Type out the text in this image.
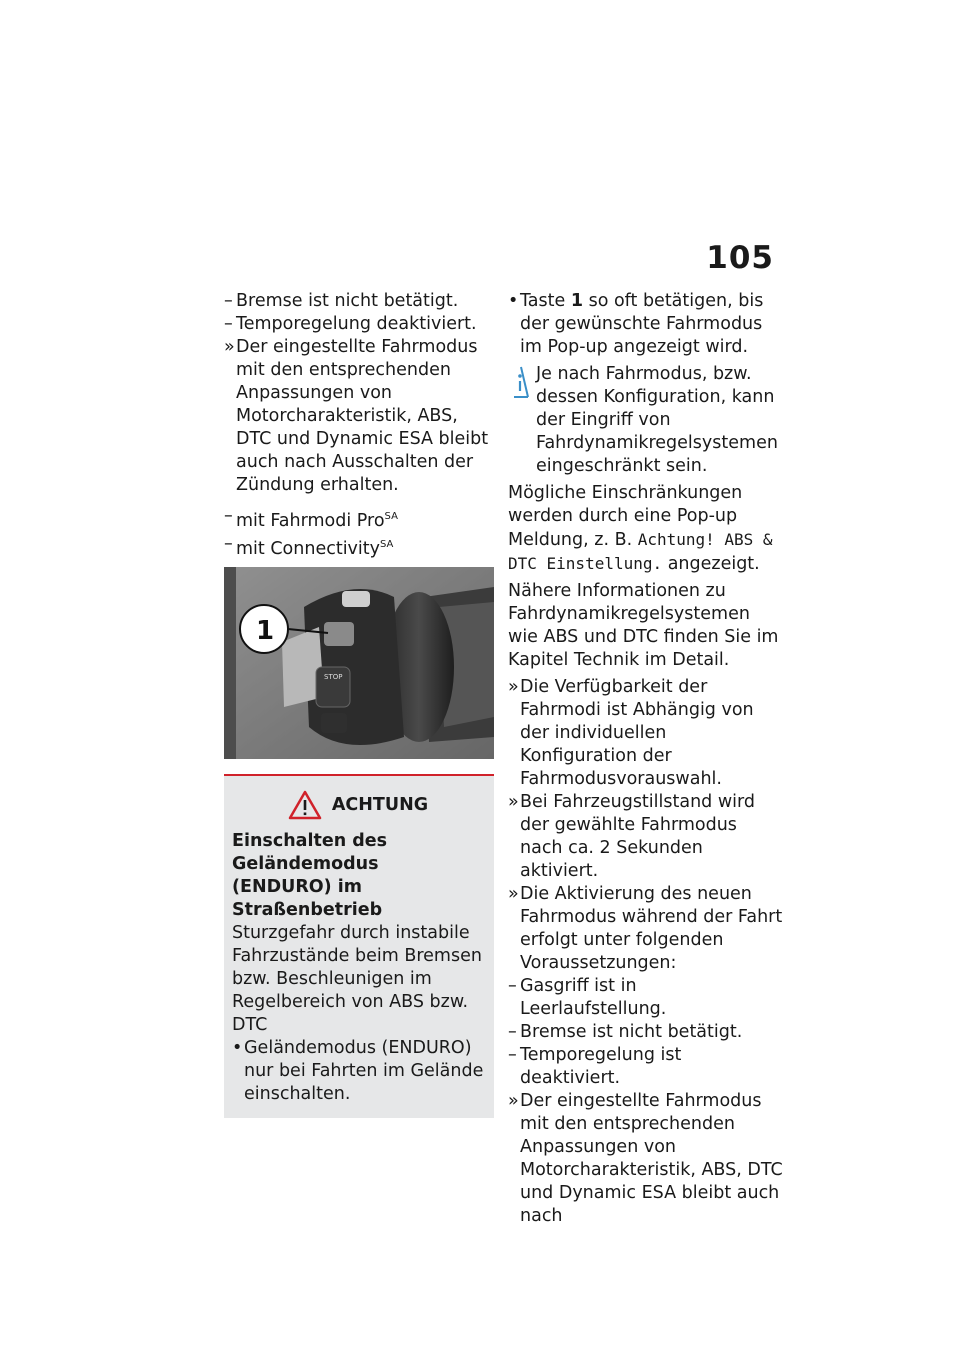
105
– Bremse ist nicht betätigt.
– Temporegelung deaktiviert.
» Der eingestellte Fahrmodus mit den entsprechenden Anpassungen von Motorcharakteristik, ABS, DTC und Dynamic ESA bleibt auch nach Ausschalten der Zündung erhalten.
– mit Fahrmodi Pro$^{SA}$
– mit Connectivity$^{SA}$
STOP
1
ACHTUNG
Einschalten des Geländemodus (ENDURO) im Straßenbetrieb
Sturzgefahr durch instabile Fahrzustände beim Bremsen bzw. Beschleunigen im Regelbereich von ABS bzw. DTC
• Geländemodus (ENDURO) nur bei Fahrten im Gelände einschalten.
• Taste 1 so oft betätigen, bis der gewünschte Fahrmodus im Pop-up angezeigt wird.
Je nach Fahrmodus, bzw. dessen Konfiguration, kann der Eingriff von Fahrdynamikregelsystemen eingeschränkt sein.
Mögliche Einschränkungen werden durch eine Pop-up Meldung, z. B. Achtung! ABS & DTC Einstellung. angezeigt.
Nähere Informationen zu Fahrdynamikregelsystemen wie ABS und DTC finden Sie im Kapitel Technik im Detail.
» Die Verfügbarkeit der Fahrmodi ist Abhängig von der individuellen Konfiguration der Fahrmodusvorauswahl.
» Bei Fahrzeugstillstand wird der gewählte Fahrmodus nach ca. 2 Sekunden aktiviert.
» Die Aktivierung des neuen Fahrmodus während der Fahrt erfolgt unter folgenden Voraussetzungen:
– Gasgriff ist in Leerlaufstellung.
– Bremse ist nicht betätigt.
– Temporegelung ist deaktiviert.
» Der eingestellte Fahrmodus mit den entsprechenden Anpassungen von Motorcharakteristik, ABS, DTC und Dynamic ESA bleibt auch nach
